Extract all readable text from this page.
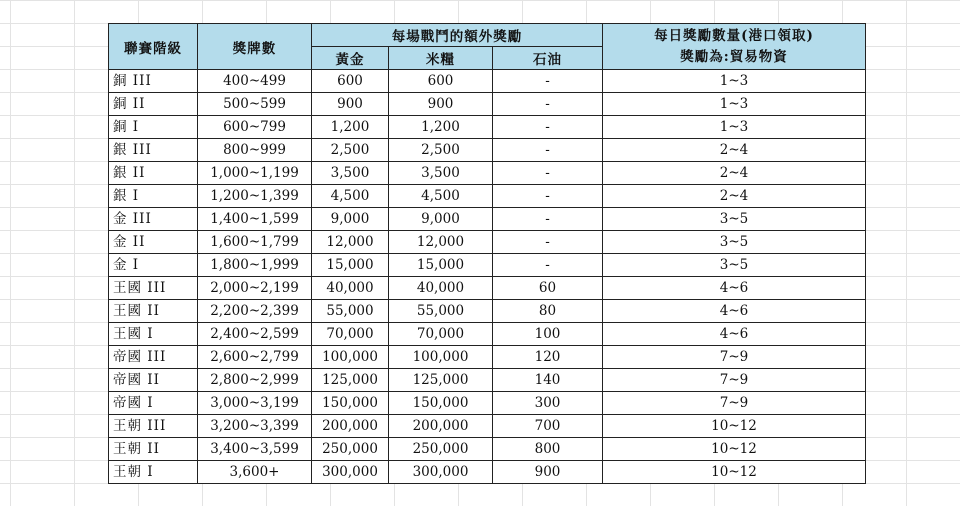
聯賽階級	獎牌數	每場戰鬥的額外獎勵			每日獎勵數量(港口領取)
獎勵為:貿易物資

		黃金	米糧	石油	
銅 III	400~499	600	600	-	1~3
銅 II	500~599	900	900	-	1~3
銅 I	600~799	1,200	1,200	-	1~3
銀 III	800~999	2,500	2,500	-	2~4
銀 II	1,000~1,199	3,500	3,500	-	2~4
銀 I	1,200~1,399	4,500	4,500	-	2~4
金 III	1,400~1,599	9,000	9,000	-	3~5
金 II	1,600~1,799	12,000	12,000	-	3~5
金 I	1,800~1,999	15,000	15,000	-	3~5
王國 III	2,000~2,199	40,000	40,000	60	4~6
王國 II	2,200~2,399	55,000	55,000	80	4~6
王國 I	2,400~2,599	70,000	70,000	100	4~6
帝國 III	2,600~2,799	100,000	100,000	120	7~9
帝國 II	2,800~2,999	125,000	125,000	140	7~9
帝國 I	3,000~3,199	150,000	150,000	300	7~9
王朝 III	3,200~3,399	200,000	200,000	700	10~12
王朝 II	3,400~3,599	250,000	250,000	800	10~12
王朝 I	3,600+	300,000	300,000	900	10~12
